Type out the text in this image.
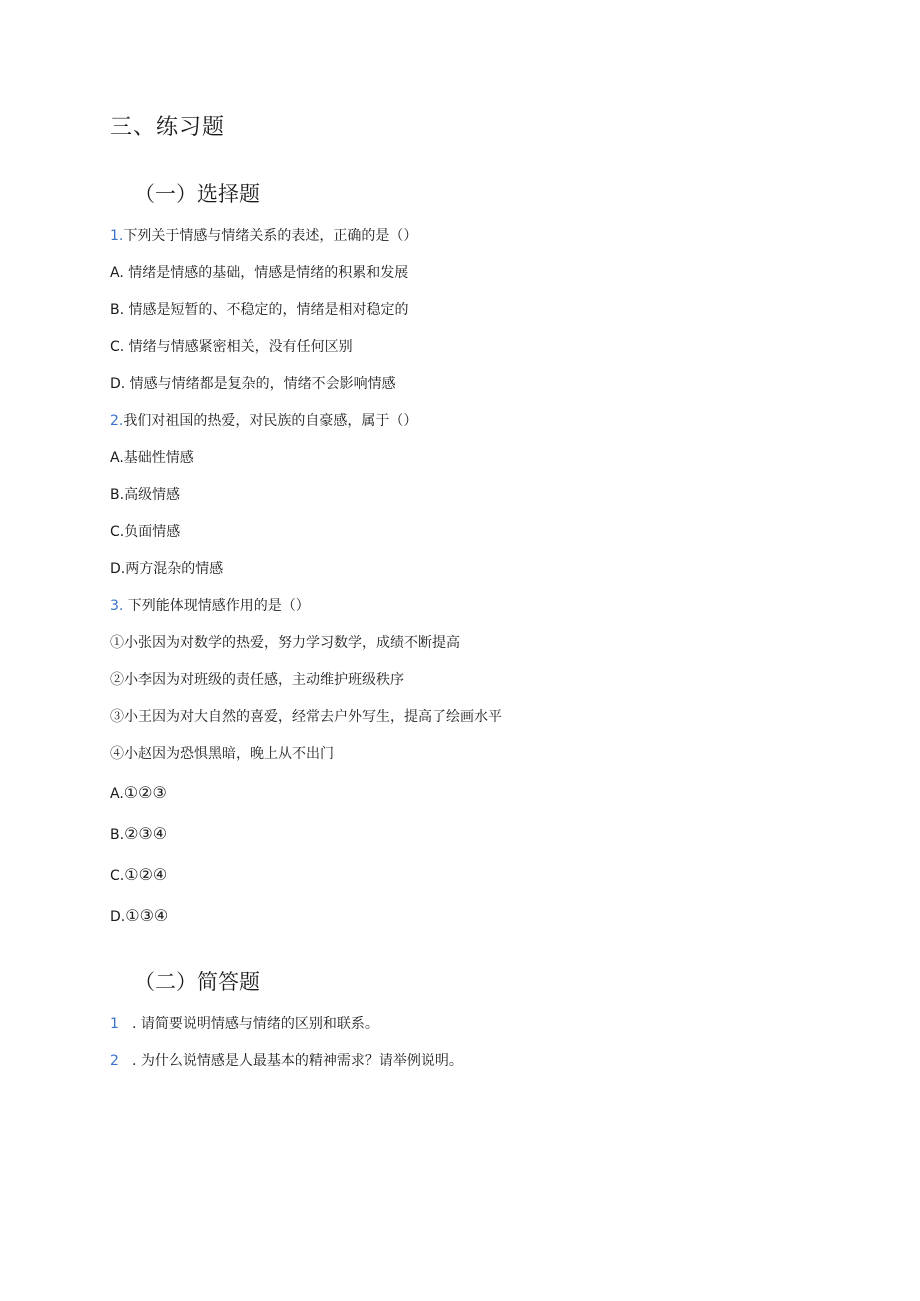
三、练习题
（一）选择题
1.下列关于情感与情绪关系的表述，正确的是（）
A. 情绪是情感的基础，情感是情绪的积累和发展
B. 情感是短暂的、不稳定的，情绪是相对稳定的
C. 情绪与情感紧密相关，没有任何区别
D. 情感与情绪都是复杂的，情绪不会影响情感
2.我们对祖国的热爱，对民族的自豪感，属于（）
A.基础性情感
B.高级情感
C.负面情感
D.两方混杂的情感
3. 下列能体现情感作用的是（）
①小张因为对数学的热爱，努力学习数学，成绩不断提高
②小李因为对班级的责任感，主动维护班级秩序
③小王因为对大自然的喜爱，经常去户外写生，提高了绘画水平
④小赵因为恐惧黑暗，晚上从不出门
A.①②③
B.②③④
C.①②④
D.①③④
（二）简答题
1 . 请简要说明情感与情绪的区别和联系。
2 . 为什么说情感是人最基本的精神需求？请举例说明。
